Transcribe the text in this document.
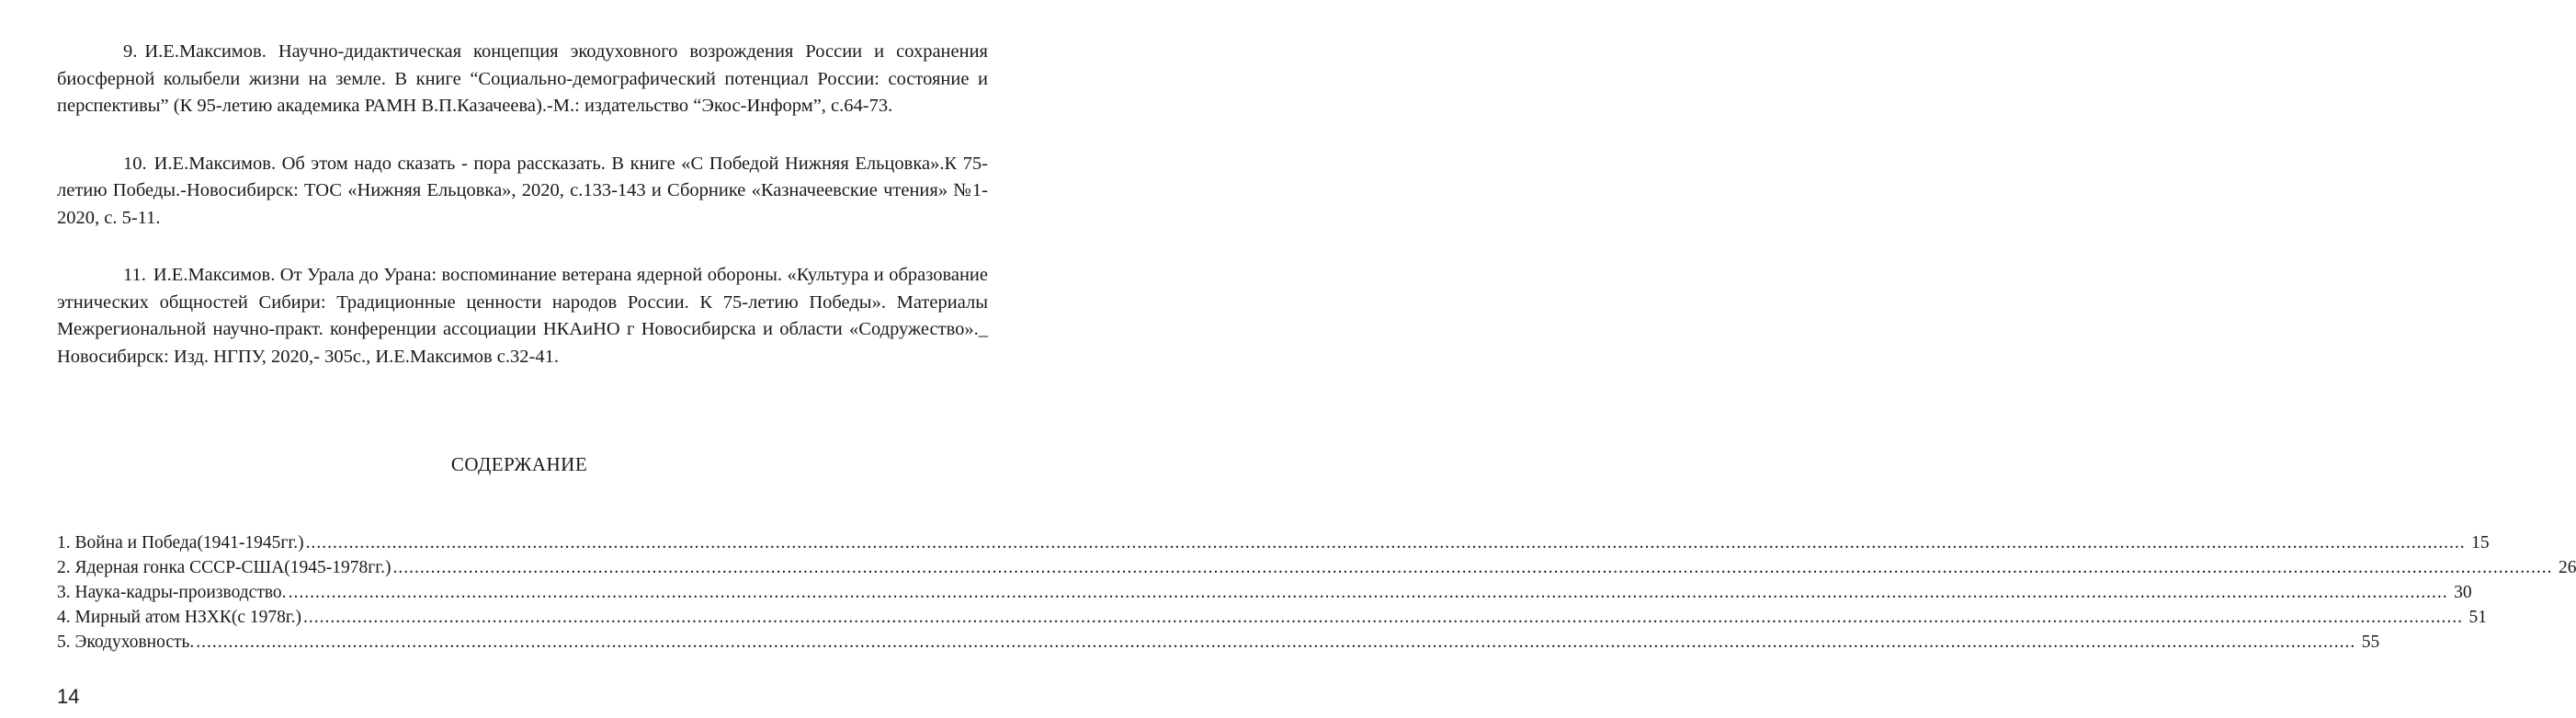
9. И.Е.Максимов. Научно-дидактическая концепция экодуховного возрождения России и сохранения биосферной колыбели жизни на земле. В книге “Социально-демографический потенциал России: состояние и перспективы” (К 95-летию академика РАМН В.П.Казачеева).-М.: издательство “Экос-Информ”, с.64-73.

10. И.Е.Максимов. Об этом надо сказать - пора рассказать. В книге «С Победой Нижняя Ельцовка».К 75-летию Победы.-Новосибирск: ТОС «Нижняя Ельцовка», 2020, с.133-143 и Сборнике «Казначеевские чтения» №1-2020, с. 5-11.

11. И.Е.Максимов. От Урала до Урана: воспоминание ветерана ядерной обороны. «Культура и образование этнических общностей Сибири: Традиционные ценности народов России. К 75-летию Победы». Материалы Межрегиональной научно-практ. конференции ассоциации НКАиНО г Новосибирска и области «Содружество»._ Новосибирск: Изд. НГПУ, 2020,- 305с., И.Е.Максимов с.32-41.

СОДЕРЖАНИЕ
1. Война и Победа(1941-1945гг.) ................................................................................................................................................................................................................................................................................................................................................................................................................ 15
2. Ядерная гонка СССР-США(1945-1978гг.) ................................................................................................................................................................................................................................................................................................................................................................................................................ 26
3. Наука-кадры-производство. ................................................................................................................................................................................................................................................................................................................................................................................................................ 30
4. Мирный атом НЗХК(с 1978г.) ................................................................................................................................................................................................................................................................................................................................................................................................................ 51
5. Экодуховность. ................................................................................................................................................................................................................................................................................................................................................................................................................ 55
14
